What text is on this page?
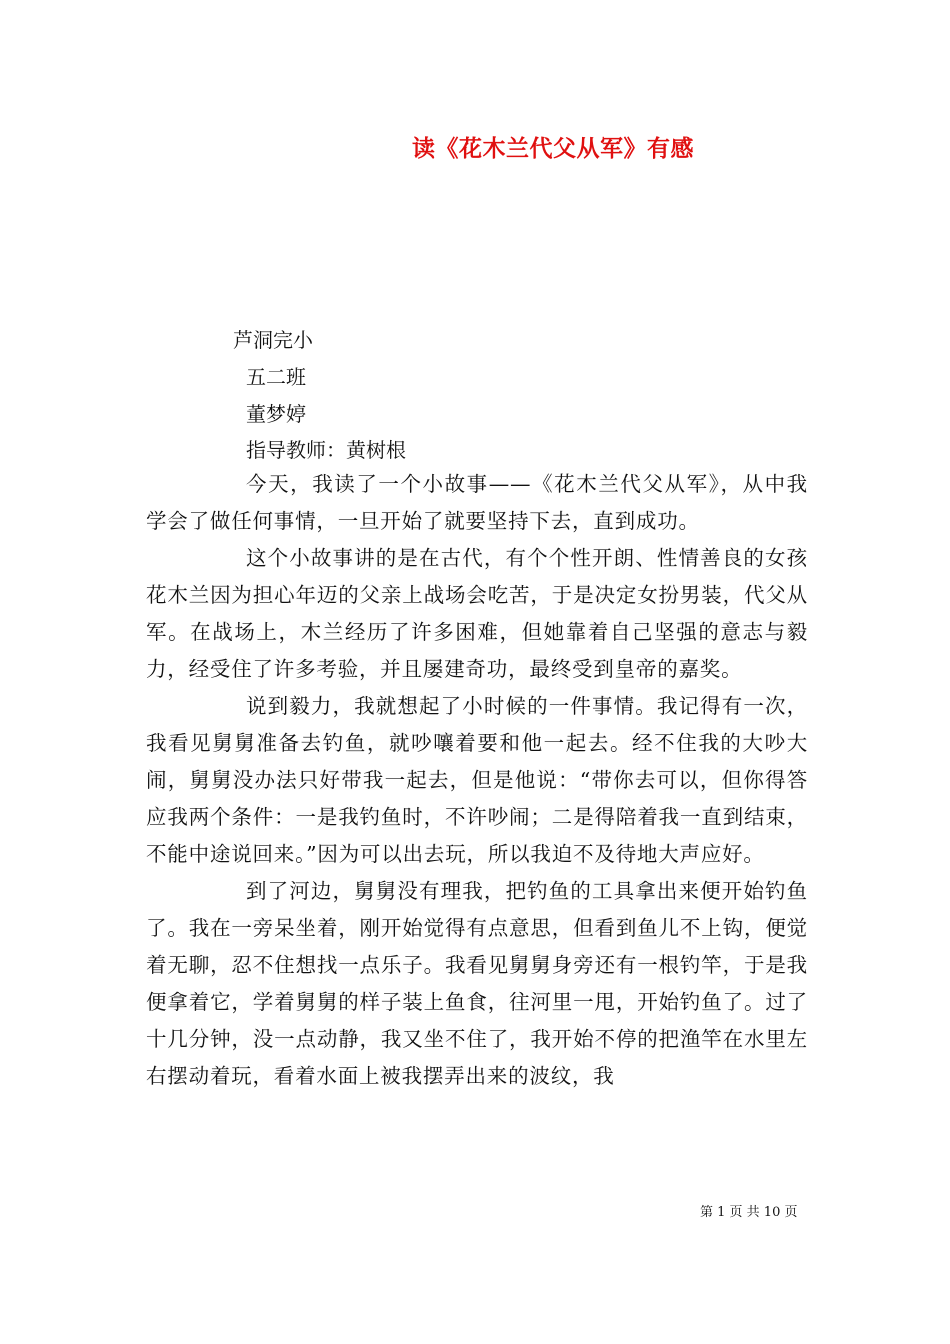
读《花木兰代父从军》有感
芦洞完小
五二班
董梦婷
指导教师：黄树根

今天，我读了一个小故事——《花木兰代父从军》，从中我学会了做任何事情，一旦开始了就要坚持下去，直到成功。

这个小故事讲的是在古代，有个个性开朗、性情善良的女孩花木兰因为担心年迈的父亲上战场会吃苦，于是决定女扮男装，代父从军。在战场上，木兰经历了许多困难，但她靠着自己坚强的意志与毅力，经受住了许多考验，并且屡建奇功，最终受到皇帝的嘉奖。

说到毅力，我就想起了小时候的一件事情。我记得有一次，我看见舅舅准备去钓鱼，就吵嚷着要和他一起去。经不住我的大吵大闹，舅舅没办法只好带我一起去，但是他说：“带你去可以，但你得答应我两个条件：一是我钓鱼时，不许吵闹；二是得陪着我一直到结束，不能中途说回来。”因为可以出去玩，所以我迫不及待地大声应好。

到了河边，舅舅没有理我，把钓鱼的工具拿出来便开始钓鱼了。我在一旁呆坐着，刚开始觉得有点意思，但看到鱼儿不上钩，便觉着无聊，忍不住想找一点乐子。我看见舅舅身旁还有一根钓竿，于是我便拿着它，学着舅舅的样子装上鱼食，往河里一甩，开始钓鱼了。过了十几分钟，没一点动静，我又坐不住了，我开始不停的把渔竿在水里左右摆动着玩，看着水面上被我摆弄出来的波纹，我

第 1 页 共 10 页
